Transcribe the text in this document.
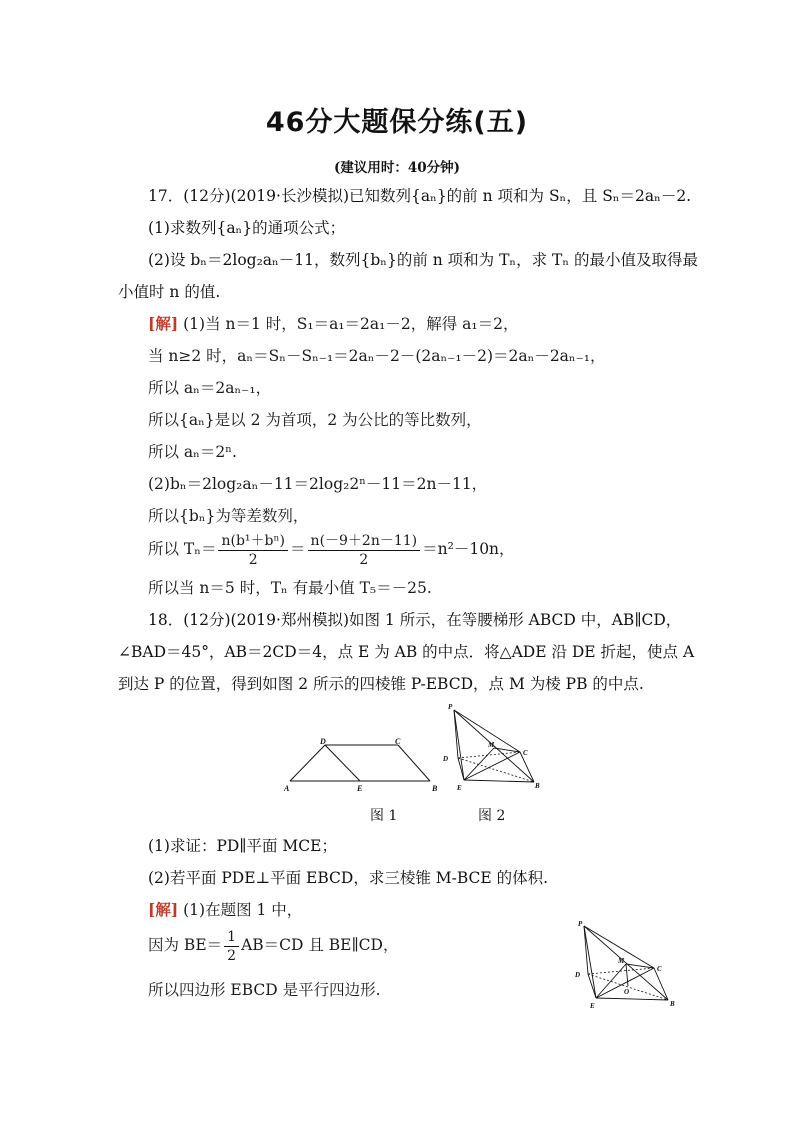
46分大题保分练(五)
(建议用时：40分钟)
17．(12分)(2019·长沙模拟)已知数列{aₙ}的前 n 项和为 Sₙ，且 Sₙ＝2aₙ－2.
(1)求数列{aₙ}的通项公式；
(2)设 bₙ＝2log₂aₙ－11，数列{bₙ}的前 n 项和为 Tₙ，求 Tₙ 的最小值及取得最
小值时 n 的值.
[解] (1)当 n＝1 时，S₁＝a₁＝2a₁－2，解得 a₁＝2，
当 n≥2 时，aₙ＝Sₙ－Sₙ₋₁＝2aₙ－2－(2aₙ₋₁－2)＝2aₙ－2aₙ₋₁，
所以 aₙ＝2aₙ₋₁，
所以{aₙ}是以 2 为首项，2 为公比的等比数列，
所以 aₙ＝2ⁿ.
(2)bₙ＝2log₂aₙ－11＝2log₂2ⁿ－11＝2n－11，
所以{bₙ}为等差数列，
所以 $T_n= \frac{\text{n(b¹＋bⁿ)}}{2} = \frac{n(-9+2n-11)}{2} =n^2-10n$，
所以当 n＝5 时，Tₙ 有最小值 T₅＝－25.
18．(12分)(2019·郑州模拟)如图 1 所示，在等腰梯形 ABCD 中，AB∥CD，
∠BAD＝45°，AB＝2CD＝4，点 E 为 AB 的中点．将△ADE 沿 DE 折起，使点 A
到达 P 的位置，得到如图 2 所示的四棱锥 P-EBCD，点 M 为棱 PB 的中点.
D	C
A	E	B
P
M
C
D
E	B
图 1	图 2
(1)求证：PD∥平面 MCE；
(2)若平面 PDE⊥平面 EBCD，求三棱锥 M-BCE 的体积.
[解] (1)在题图 1 中，
因为 $BE= \frac{1}{2} AB=CD$ 且 BE∥CD，
所以四边形 EBCD 是平行四边形.
P
M
C
D
O
E	B
